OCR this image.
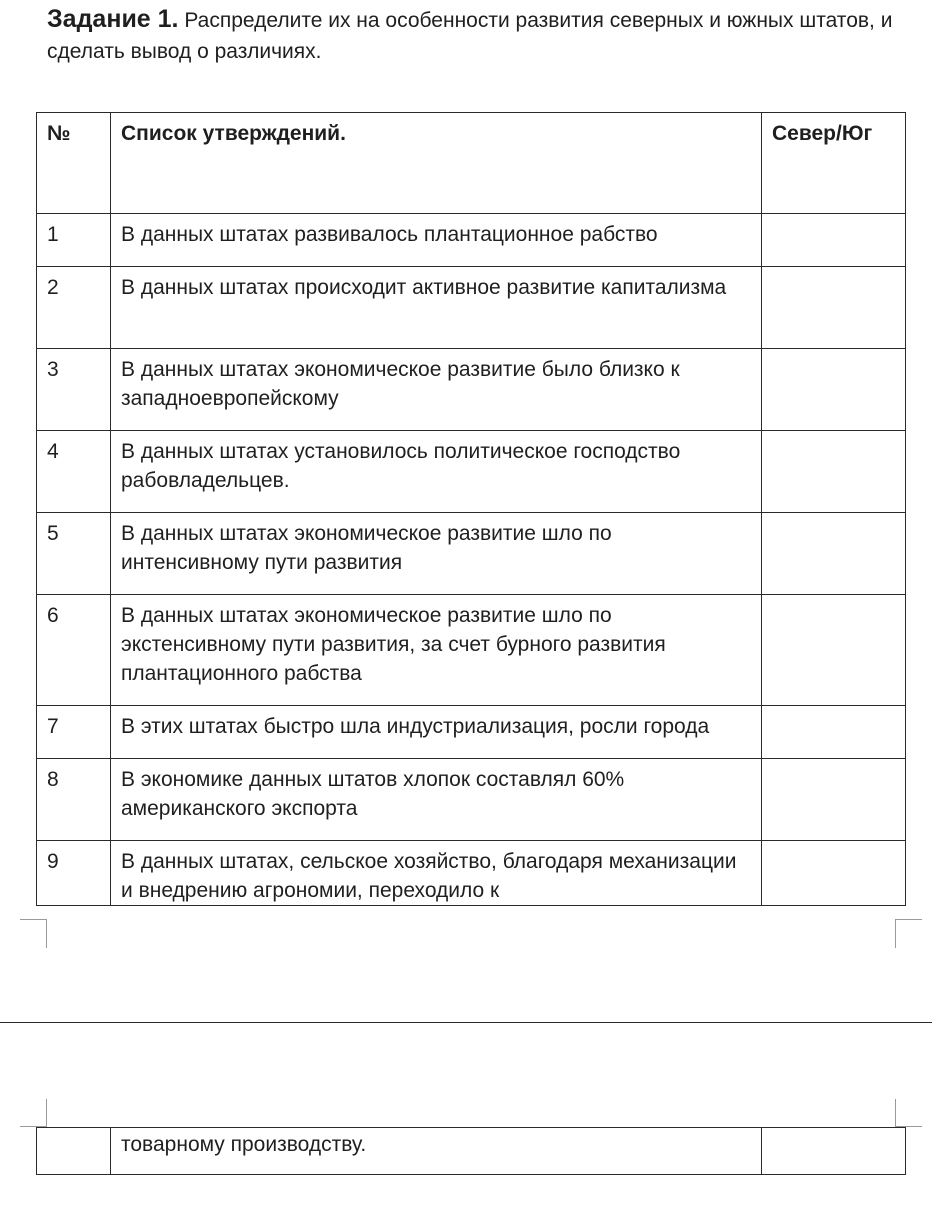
Задание 1. Распределите их на особенности развития северных и южных штатов, и сделать вывод о различиях.
№	Список утверждений.	Север/Юг

1	В данных штатах развивалось плантационное рабство	

2	В данных штатах происходит активное развитие капитализма	

3	В данных штатах экономическое развитие было близко к западноевропейскому	

4	В данных штатах установилось политическое господство рабовладельцев.	

5	В данных штатах экономическое развитие шло по интенсивному пути развития	

6	В данных штатах экономическое развитие шло по экстенсивному пути развития, за счет бурного развития плантационного рабства	

7	В этих штатах быстро шла индустриализация, росли города	

8	В экономике данных штатов хлопок составлял 60% американского экспорта	

9	В данных штатах, сельское хозяйство, благодаря механизации и внедрению агрономии, переходило к	

товарному производству.
